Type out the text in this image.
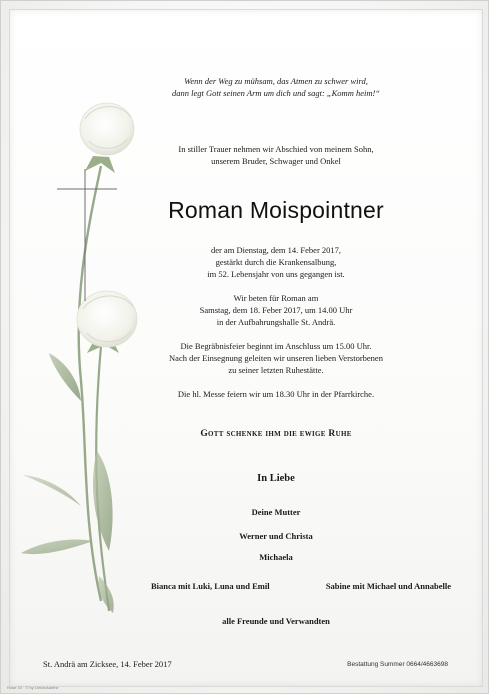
Wenn der Weg zu mühsam, das Atmen zu schwer wird,
dann legt Gott seinen Arm um dich und sagt: „Komm heim!“
In stiller Trauer nehmen wir Abschied von meinem Sohn,
unserem Bruder, Schwager und Onkel
Roman Moispointner
der am Dienstag, dem 14. Feber 2017,
gestärkt durch die Krankensalbung,
im 52. Lebensjahr von uns gegangen ist.
Wir beten für Roman am
Samstag, dem 18. Feber 2017, um 14.00 Uhr
in der Aufbahrungshalle St. Andrä.
Die Begräbnisfeier beginnt im Anschluss um 15.00 Uhr.
Nach der Einsegnung geleiten wir unseren lieben Verstorbenen
zu seiner letzten Ruhestätte.
Die hl. Messe feiern wir um 18.30 Uhr in der Pfarrkirche.
Gott schenke ihm die ewige Ruhe
In Liebe
Deine Mutter
Werner und Christa
Michaela
Bianca mit Luki, Luna und Emil	Sabine mit Michael und Annabelle
alle Freunde und Verwandten
St. Andrä am Zicksee, 14. Feber 2017	Bestattung Summer 0664/4663698
Rose 10 · © by Ulrich/Aaelhe
